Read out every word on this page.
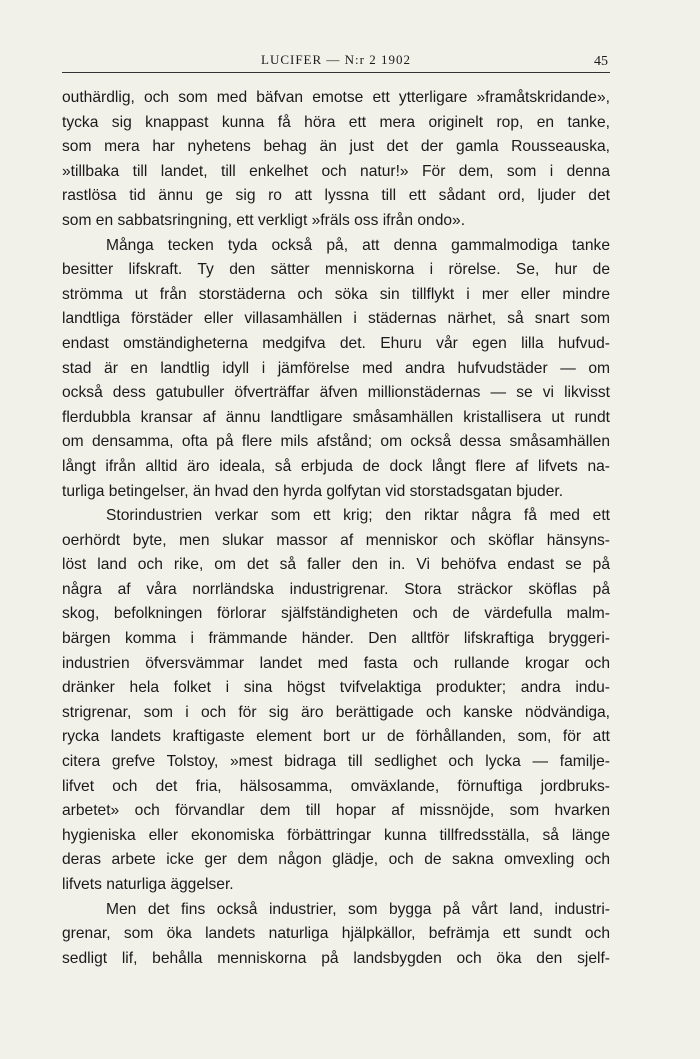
LUCIFER — N:r 2 1902	45
outhärdlig, och som med bäfvan emotse ett ytterligare »framåtskridande»,
tycka sig knappast kunna få höra ett mera originelt rop, en tanke,
som mera har nyhetens behag än just det der gamla Rousseauska,
»tillbaka till landet, till enkelhet och natur!» För dem, som i denna
rastlösa tid ännu ge sig ro att lyssna till ett sådant ord, ljuder det
som en sabbatsringning, ett verkligt »fräls oss ifrån ondo».
Många tecken tyda också på, att denna gammalmodiga tanke
besitter lifskraft. Ty den sätter menniskorna i rörelse. Se, hur de
strömma ut från storstäderna och söka sin tillflykt i mer eller mindre
landtliga förstäder eller villasamhällen i städernas närhet, så snart som
endast omständigheterna medgifva det. Ehuru vår egen lilla hufvud-
stad är en landtlig idyll i jämförelse med andra hufvudstäder — om
också dess gatubuller öfverträffar äfven millionstädernas — se vi likvisst
flerdubbla kransar af ännu landtligare småsamhällen kristallisera ut rundt
om densamma, ofta på flere mils afstånd; om också dessa småsamhällen
långt ifrån alltid äro ideala, så erbjuda de dock långt flere af lifvets na-
turliga betingelser, än hvad den hyrda golfytan vid storstadsgatan bjuder.
Storindustrien verkar som ett krig; den riktar några få med ett
oerhördt byte, men slukar massor af menniskor och sköflar hänsyns-
löst land och rike, om det så faller den in. Vi behöfva endast se på
några af våra norrländska industrigrenar. Stora sträckor sköflas på
skog, befolkningen förlorar själfständigheten och de värdefulla malm-
bärgen komma i främmande händer. Den alltför lifskraftiga bryggeri-
industrien öfversvämmar landet med fasta och rullande krogar och
dränker hela folket i sina högst tvifvelaktiga produkter; andra indu-
strigrenar, som i och för sig äro berättigade och kanske nödvändiga,
rycka landets kraftigaste element bort ur de förhållanden, som, för att
citera grefve Tolstoy, »mest bidraga till sedlighet och lycka — familje-
lifvet och det fria, hälsosamma, omväxlande, förnuftiga jordbruks-
arbetet» och förvandlar dem till hopar af missnöjde, som hvarken
hygieniska eller ekonomiska förbättringar kunna tillfredsställa, så länge
deras arbete icke ger dem någon glädje, och de sakna omvexling och
lifvets naturliga äggelser.
Men det fins också industrier, som bygga på vårt land, industri-
grenar, som öka landets naturliga hjälpkällor, befrämja ett sundt och
sedligt lif, behålla menniskorna på landsbygden och öka den sjelf-
